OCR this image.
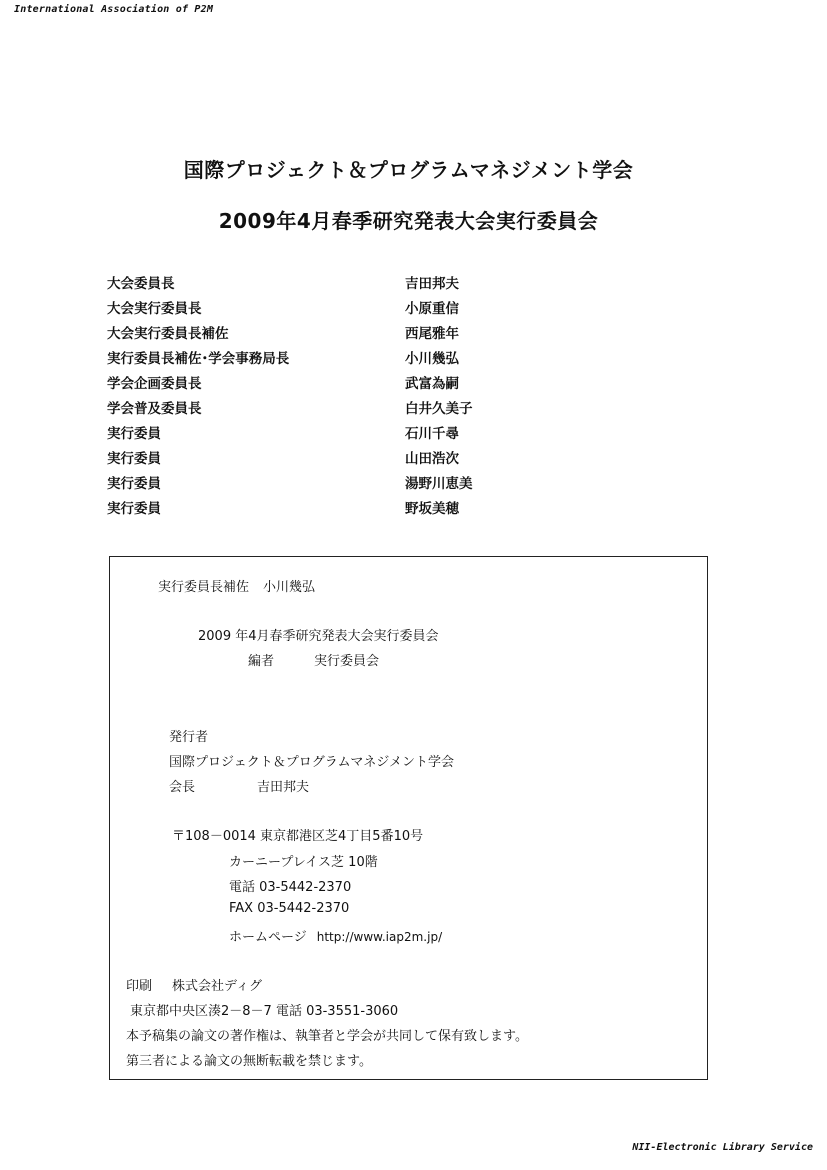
International Association of P2M
国際プロジェクト＆プログラムマネジメント学会
2009年4月春季研究発表大会実行委員会
大会委員長	吉田邦夫
大会実行委員長	小原重信
大会実行委員長補佐	西尾雅年
実行委員長補佐･学会事務局長	小川幾弘
学会企画委員長	武富為嗣
学会普及委員長	白井久美子
実行委員	石川千尋
実行委員	山田浩次
実行委員	湯野川恵美
実行委員	野坂美穂
実行委員長補佐 小川幾弘
2009 年4月春季研究発表大会実行委員会
編者	実行委員会
発行者
国際プロジェクト＆プログラムマネジメント学会
会長	吉田邦夫
〒108－0014 東京都港区芝4丁目5番10号
カーニープレイス芝 10階
電話 03-5442-2370
FAX 03-5442-2370
ホームページ http://www.iap2m.jp/
印刷 株式会社ディグ
東京都中央区湊2－8－7 電話 03-3551-3060
本予稿集の論文の著作権は、執筆者と学会が共同して保有致します。
第三者による論文の無断転載を禁じます。
NII-Electronic Library Service
